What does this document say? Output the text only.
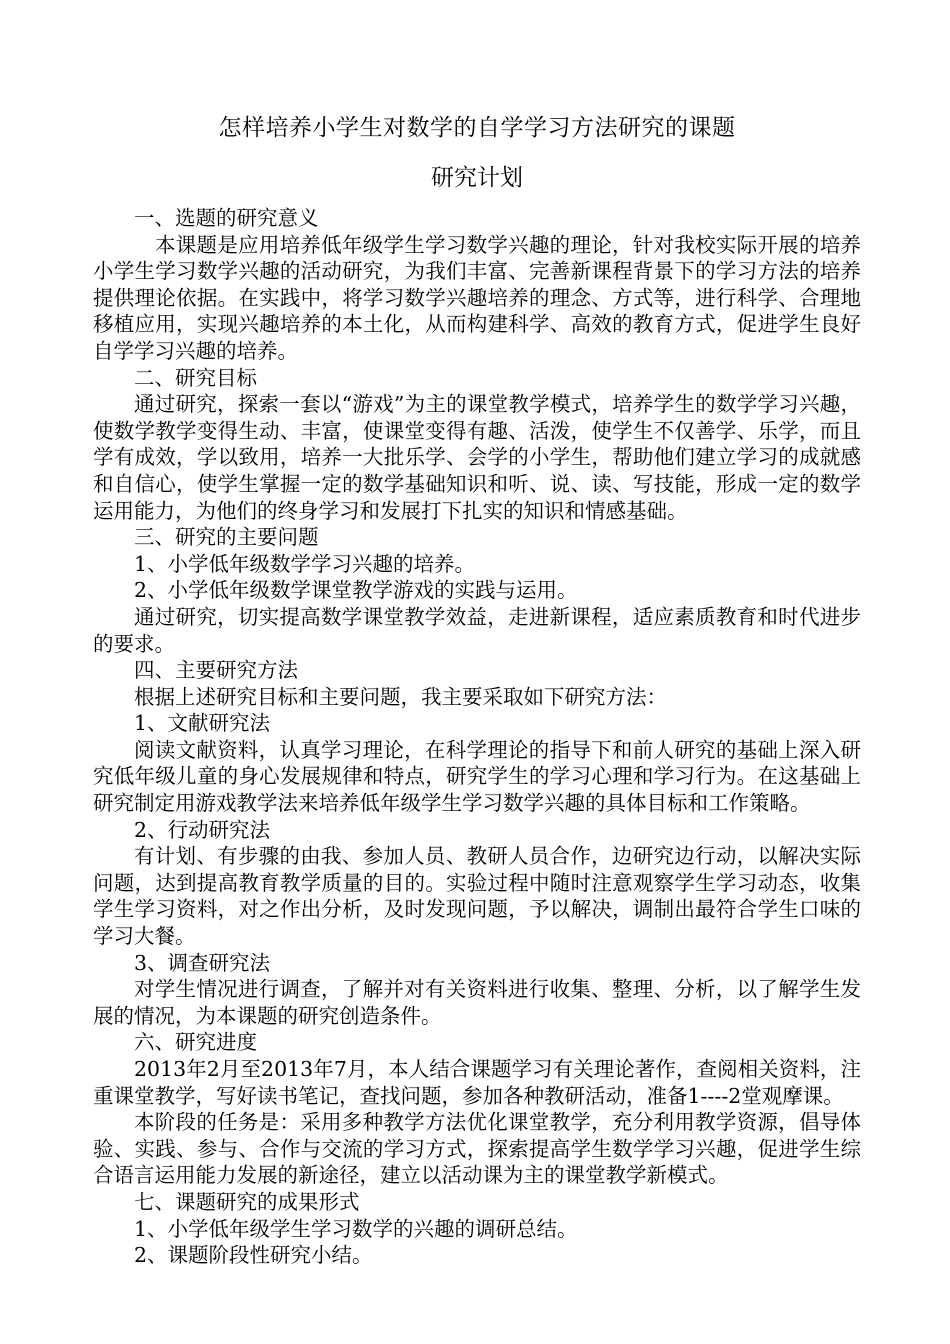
怎样培养小学生对数学的自学学习方法研究的课题
研究计划

一、选题的研究意义

本课题是应用培养低年级学生学习数学兴趣的理论，针对我校实际开展的培养小学生学习数学兴趣的活动研究，为我们丰富、完善新课程背景下的学习方法的培养提供理论依据。在实践中，将学习数学兴趣培养的理念、方式等，进行科学、合理地移植应用，实现兴趣培养的本土化，从而构建科学、高效的教育方式，促进学生良好自学学习兴趣的培养。

二、研究目标

通过研究，探索一套以“游戏”为主的课堂教学模式，培养学生的数学学习兴趣，使数学教学变得生动、丰富，使课堂变得有趣、活泼，使学生不仅善学、乐学，而且学有成效，学以致用，培养一大批乐学、会学的小学生，帮助他们建立学习的成就感和自信心，使学生掌握一定的数学基础知识和听、说、读、写技能，形成一定的数学运用能力，为他们的终身学习和发展打下扎实的知识和情感基础。

三、研究的主要问题

1、小学低年级数学学习兴趣的培养。

2、小学低年级数学课堂教学游戏的实践与运用。

通过研究，切实提高数学课堂教学效益，走进新课程，适应素质教育和时代进步的要求。

四、主要研究方法

根据上述研究目标和主要问题，我主要采取如下研究方法：

1、文献研究法

阅读文献资料，认真学习理论，在科学理论的指导下和前人研究的基础上深入研究低年级儿童的身心发展规律和特点，研究学生的学习心理和学习行为。在这基础上研究制定用游戏教学法来培养低年级学生学习数学兴趣的具体目标和工作策略。

2、行动研究法

有计划、有步骤的由我、参加人员、教研人员合作，边研究边行动，以解决实际问题，达到提高教育教学质量的目的。实验过程中随时注意观察学生学习动态，收集学生学习资料，对之作出分析，及时发现问题，予以解决，调制出最符合学生口味的学习大餐。

3、调查研究法

对学生情况进行调查，了解并对有关资料进行收集、整理、分析，以了解学生发展的情况，为本课题的研究创造条件。

六、研究进度

2013年2月至2013年7月，本人结合课题学习有关理论著作，查阅相关资料，注重课堂教学，写好读书笔记，查找问题，参加各种教研活动，准备1----2堂观摩课。

本阶段的任务是：采用多种教学方法优化课堂教学，充分利用教学资源，倡导体验、实践、参与、合作与交流的学习方式，探索提高学生数学学习兴趣，促进学生综合语言运用能力发展的新途径，建立以活动课为主的课堂教学新模式。

七、课题研究的成果形式

1、小学低年级学生学习数学的兴趣的调研总结。

2、课题阶段性研究小结。
